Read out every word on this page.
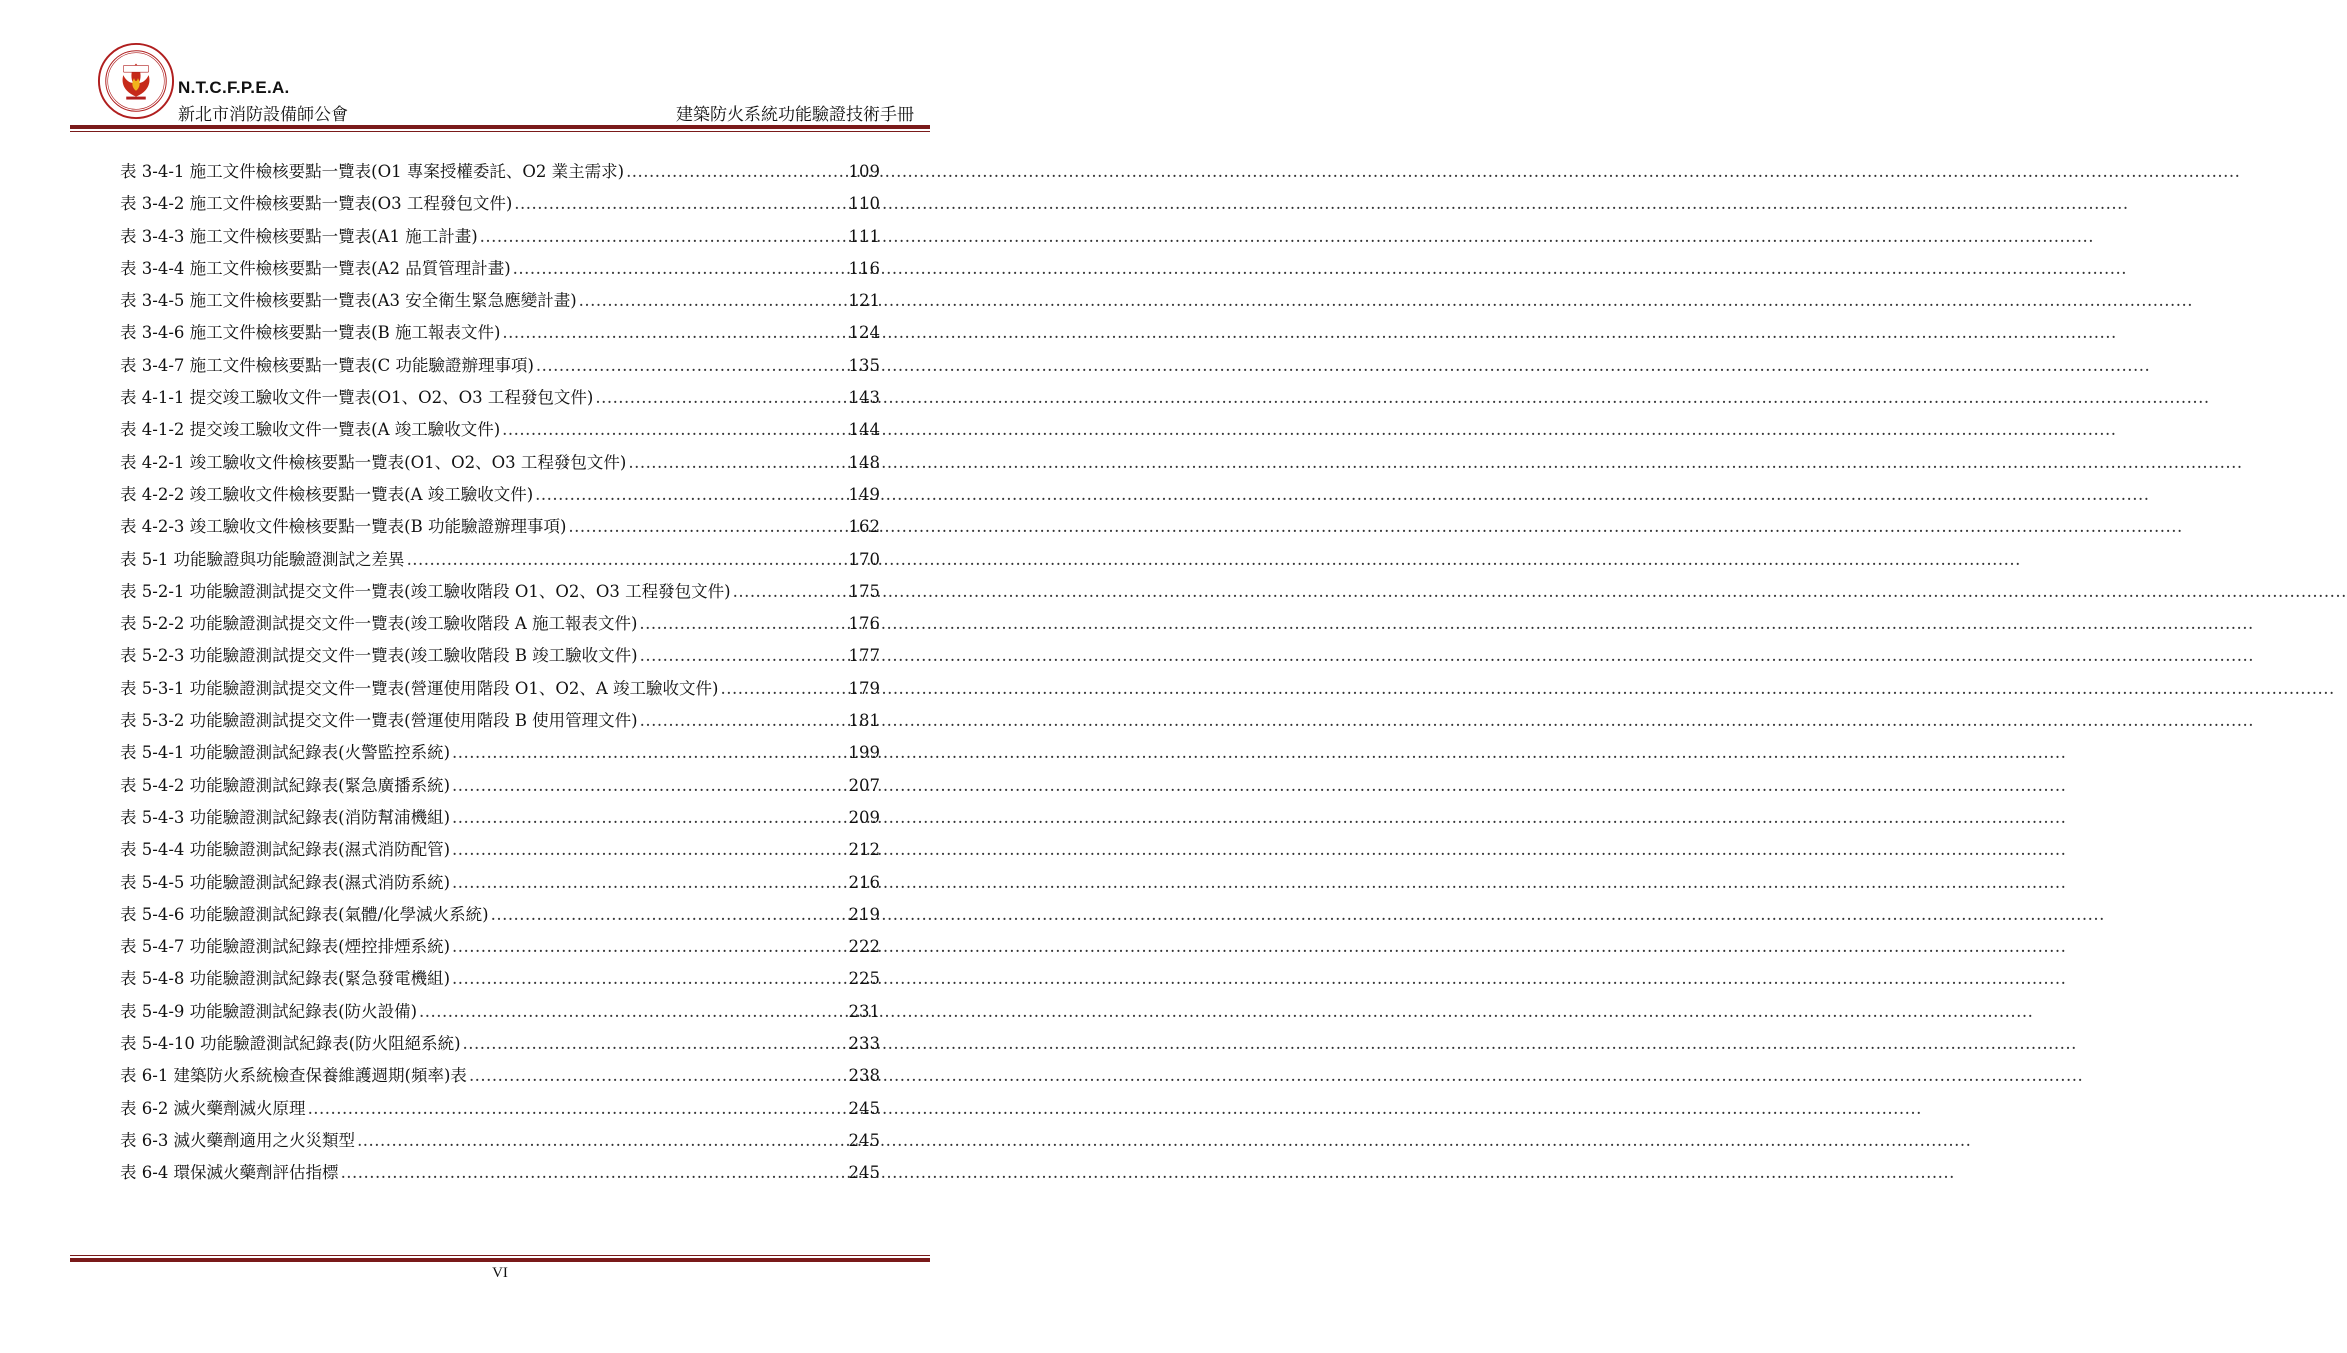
N.T.C.F.P.E.A.
新北市消防設備師公會	建築防火系統功能驗證技術手冊
表 3-4-1 施工文件檢核要點一覽表(O1 專案授權委託、O2 業主需求) .....	109
表 3-4-2 施工文件檢核要點一覽表(O3 工程發包文件) .....	110
表 3-4-3 施工文件檢核要點一覽表(A1 施工計畫) .....	111
表 3-4-4 施工文件檢核要點一覽表(A2 品質管理計畫) .....	116
表 3-4-5 施工文件檢核要點一覽表(A3 安全衛生緊急應變計畫) .....	121
表 3-4-6 施工文件檢核要點一覽表(B 施工報表文件) .....	124
表 3-4-7 施工文件檢核要點一覽表(C 功能驗證辦理事項) .....	135
表 4-1-1 提交竣工驗收文件一覽表(O1、O2、O3 工程發包文件) .....	143
表 4-1-2 提交竣工驗收文件一覽表(A 竣工驗收文件) .....	144
表 4-2-1 竣工驗收文件檢核要點一覽表(O1、O2、O3 工程發包文件) .....	148
表 4-2-2 竣工驗收文件檢核要點一覽表(A 竣工驗收文件) .....	149
表 4-2-3 竣工驗收文件檢核要點一覽表(B 功能驗證辦理事項) .....	162
表 5-1 功能驗證與功能驗證測試之差異 .....	170
表 5-2-1 功能驗證測試提交文件一覽表(竣工驗收階段 O1、O2、O3 工程發包文件) .....	175
表 5-2-2 功能驗證測試提交文件一覽表(竣工驗收階段 A 施工報表文件) .....	176
表 5-2-3 功能驗證測試提交文件一覽表(竣工驗收階段 B 竣工驗收文件) .....	177
表 5-3-1 功能驗證測試提交文件一覽表(營運使用階段 O1、O2、A 竣工驗收文件) .....	179
表 5-3-2 功能驗證測試提交文件一覽表(營運使用階段 B 使用管理文件) .....	181
表 5-4-1 功能驗證測試紀錄表(火警監控系統) .....	199
表 5-4-2 功能驗證測試紀錄表(緊急廣播系統) .....	207
表 5-4-3 功能驗證測試紀錄表(消防幫浦機組) .....	209
表 5-4-4 功能驗證測試紀錄表(濕式消防配管) .....	212
表 5-4-5 功能驗證測試紀錄表(濕式消防系統) .....	216
表 5-4-6 功能驗證測試紀錄表(氣體/化學滅火系統) .....	219
表 5-4-7 功能驗證測試紀錄表(煙控排煙系統) .....	222
表 5-4-8 功能驗證測試紀錄表(緊急發電機組) .....	225
表 5-4-9 功能驗證測試紀錄表(防火設備) .....	231
表 5-4-10 功能驗證測試紀錄表(防火阻絕系統) .....	233
表 6-1 建築防火系統檢查保養維護週期(頻率)表 .....	238
表 6-2 滅火藥劑滅火原理 .....	245
表 6-3 滅火藥劑適用之火災類型 .....	245
表 6-4 環保滅火藥劑評估指標 .....	245
VI
